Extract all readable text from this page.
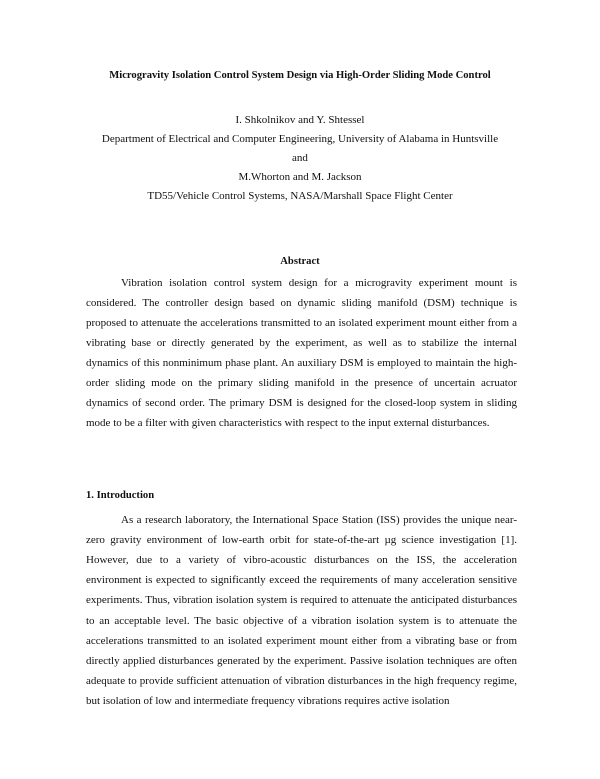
Microgravity Isolation Control System Design via High-Order Sliding Mode Control
I. Shkolnikov and Y. Shtessel
Department of Electrical and Computer Engineering, University of Alabama in Huntsville
and
M.Whorton and M. Jackson
TD55/Vehicle Control Systems, NASA/Marshall Space Flight Center
Abstract
Vibration isolation control system design for a microgravity experiment mount is
considered. The controller design based on dynamic sliding manifold (DSM) technique is
proposed to attenuate the accelerations transmitted to an isolated experiment mount either from a
vibrating base or directly generated by the experiment, as well as to stabilize the internal
dynamics of this nonminimum phase plant. An auxiliary DSM is employed to maintain the high-
order sliding mode on the primary sliding manifold in the presence of uncertain acruator
dynamics of second order. The primary DSM is designed for the closed-loop system in sliding
mode to be a filter with given characteristics with respect to the input external disturbances.
1. Introduction
As a research laboratory, the International Space Station (ISS) provides the unique near-
zero gravity environment of low-earth orbit for state-of-the-art µg science investigation [1].
However, due to a variety of vibro-acoustic disturbances on the ISS, the acceleration
environment is expected to significantly exceed the requirements of many acceleration sensitive
experiments. Thus, vibration isolation system is required to attenuate the anticipated disturbances
to an acceptable level. The basic objective of a vibration isolation system is to attenuate the
accelerations transmitted to an isolated experiment mount either from a vibrating base or from
directly applied disturbances generated by the experiment. Passive isolation techniques are often
adequate to provide sufficient attenuation of vibration disturbances in the high frequency regime,
but isolation of low and intermediate frequency vibrations requires active isolation
